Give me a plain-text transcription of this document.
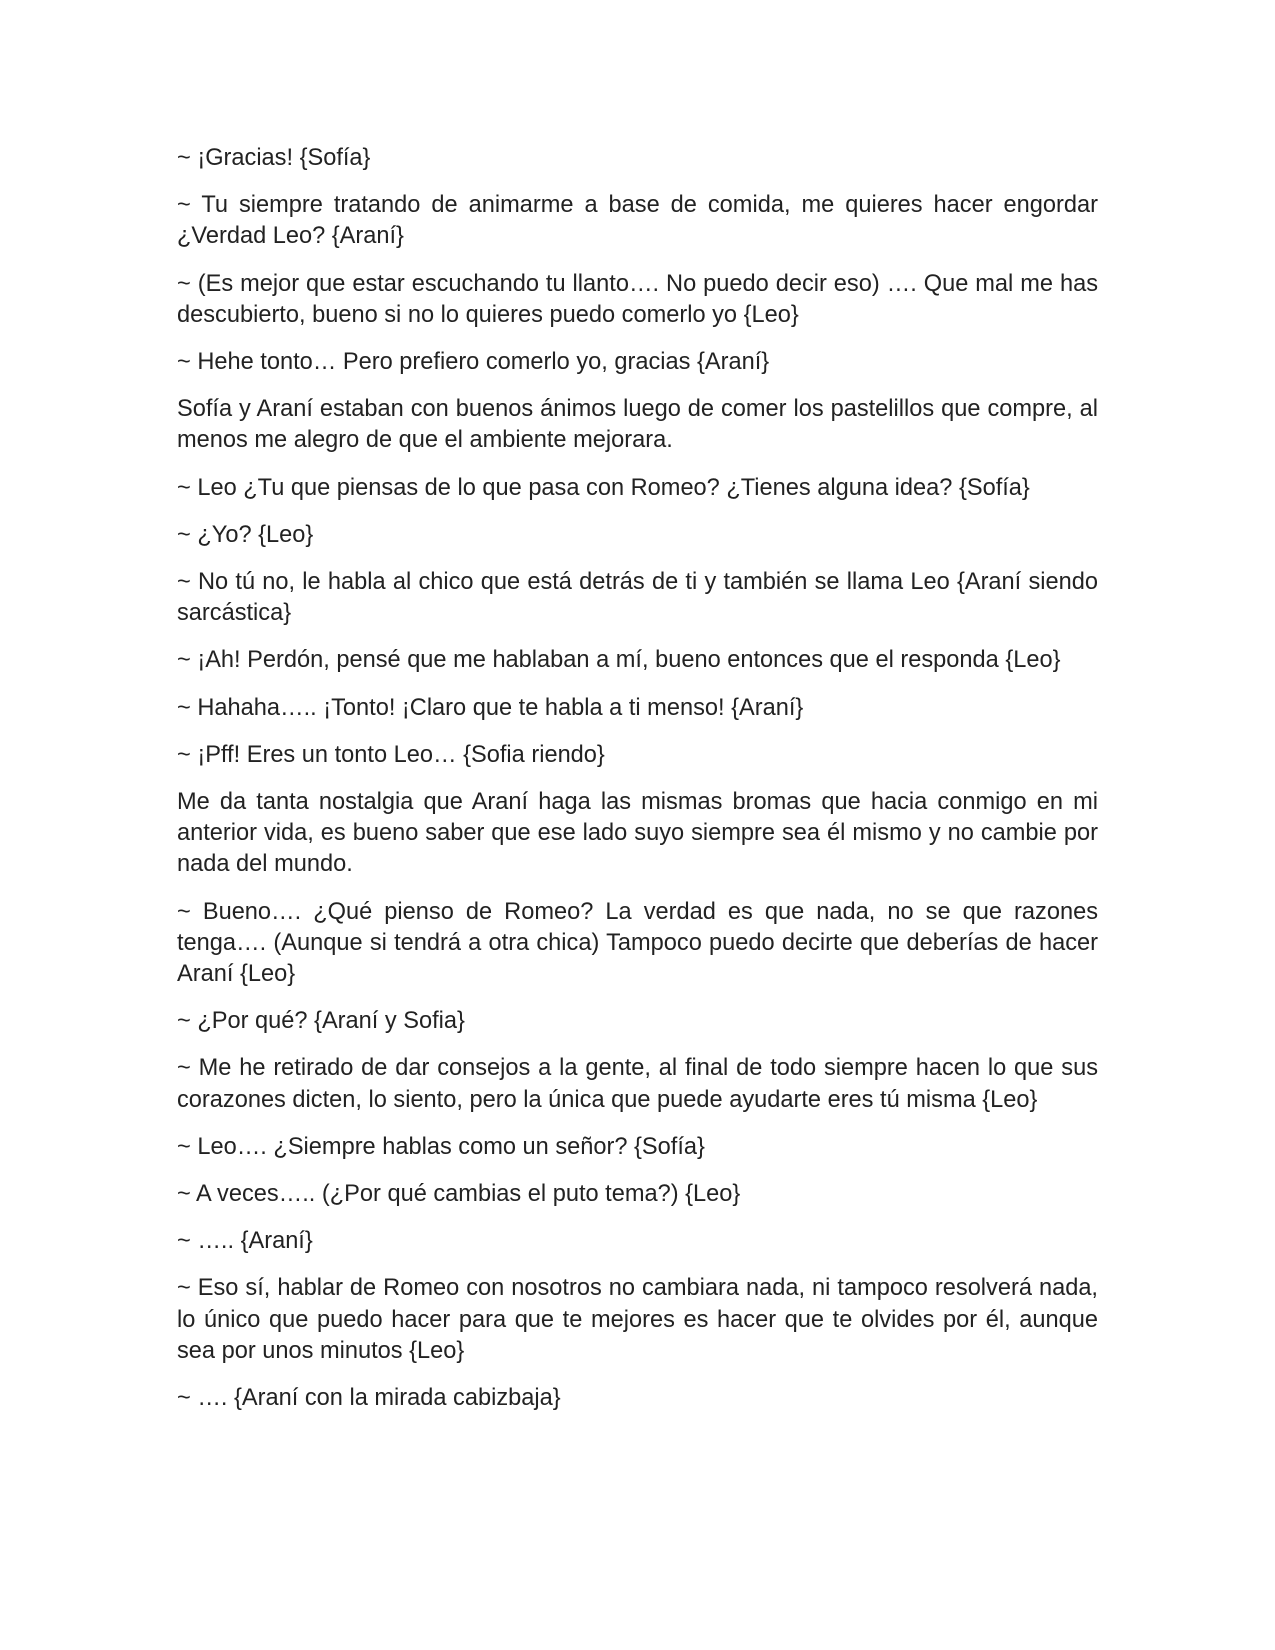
~ ¡Gracias! {Sofía}

~ Tu siempre tratando de animarme a base de comida, me quieres hacer engordar ¿Verdad Leo? {Araní}

~ (Es mejor que estar escuchando tu llanto…. No puedo decir eso) …. Que mal me has descubierto, bueno si no lo quieres puedo comerlo yo {Leo}

~ Hehe tonto… Pero prefiero comerlo yo, gracias {Araní}

Sofía y Araní estaban con buenos ánimos luego de comer los pastelillos que compre, al menos me alegro de que el ambiente mejorara.

~ Leo ¿Tu que piensas de lo que pasa con Romeo? ¿Tienes alguna idea? {Sofía}

~ ¿Yo? {Leo}

~ No tú no, le habla al chico que está detrás de ti y también se llama Leo {Araní siendo sarcástica}

~ ¡Ah! Perdón, pensé que me hablaban a mí, bueno entonces que el responda {Leo}

~ Hahaha….. ¡Tonto! ¡Claro que te habla a ti menso! {Araní}

~ ¡Pff! Eres un tonto Leo… {Sofia riendo}

Me da tanta nostalgia que Araní haga las mismas bromas que hacia conmigo en mi anterior vida, es bueno saber que ese lado suyo siempre sea él mismo y no cambie por nada del mundo.

~ Bueno…. ¿Qué pienso de Romeo? La verdad es que nada, no se que razones tenga…. (Aunque si tendrá a otra chica) Tampoco puedo decirte que deberías de hacer Araní {Leo}

~ ¿Por qué? {Araní y Sofia}

~ Me he retirado de dar consejos a la gente, al final de todo siempre hacen lo que sus corazones dicten, lo siento, pero la única que puede ayudarte eres tú misma {Leo}

~ Leo…. ¿Siempre hablas como un señor? {Sofía}

~ A veces….. (¿Por qué cambias el puto tema?) {Leo}

~ ….. {Araní}

~ Eso sí, hablar de Romeo con nosotros no cambiara nada, ni tampoco resolverá nada, lo único que puedo hacer para que te mejores es hacer que te olvides por él, aunque sea por unos minutos {Leo}

~ …. {Araní con la mirada cabizbaja}
